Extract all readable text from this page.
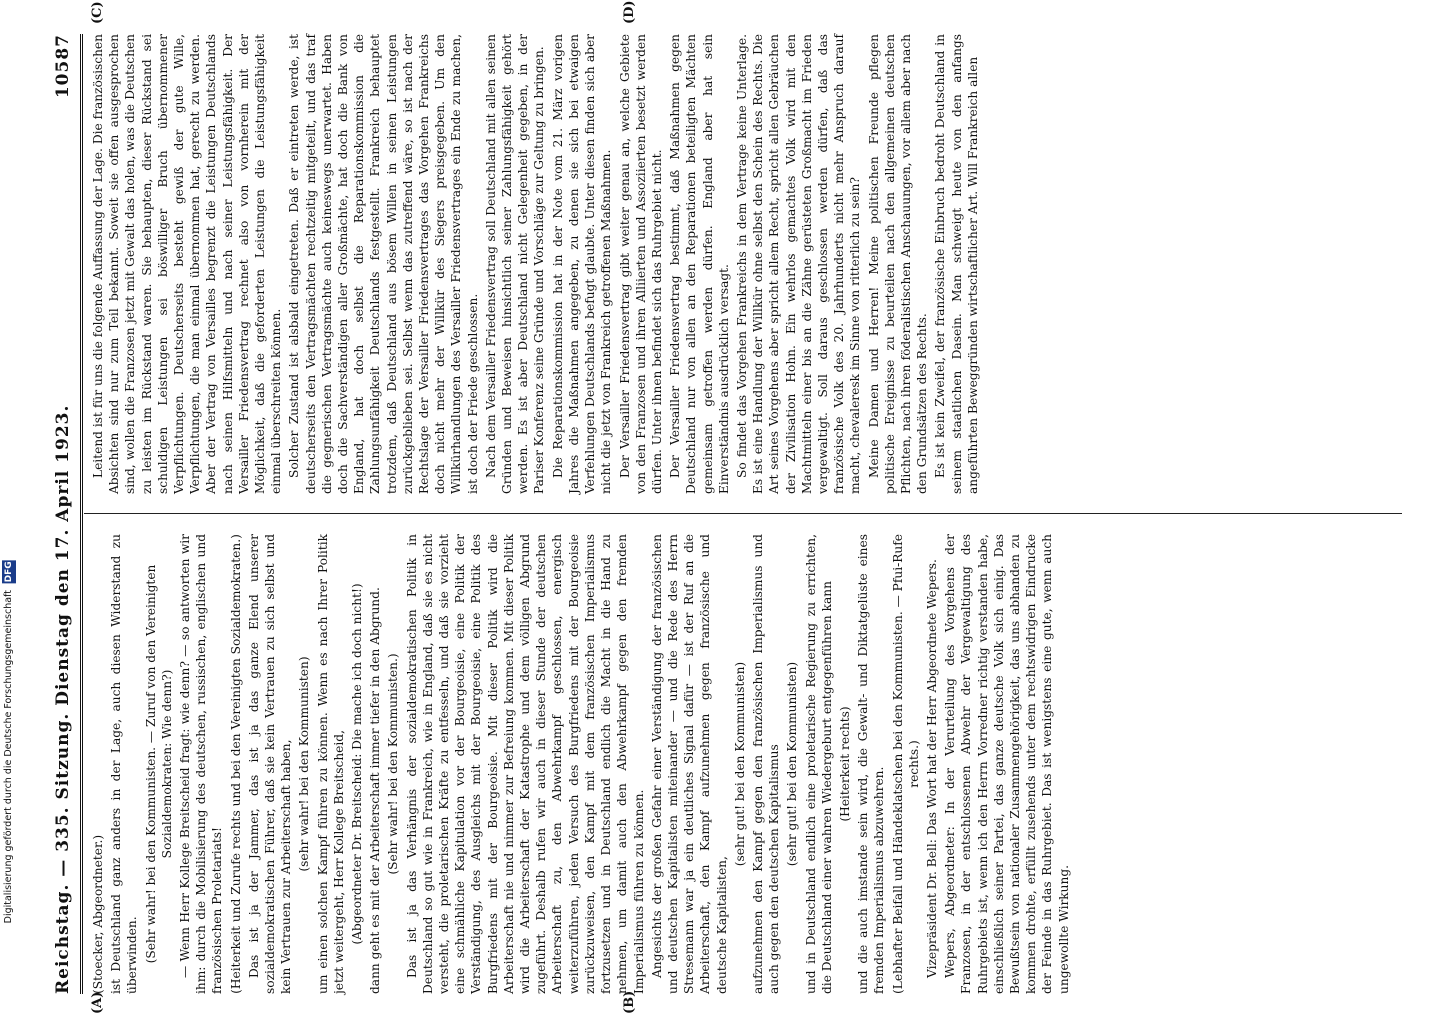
Reichstag. — 335. Sitzung. Dienstag den 17. April 1923.
10587
(A)	(B)
(C)	(D)

(Stoecker, Abgeordneter.) ist Deutschland ganz anders in der Lage, auch diesen Widerstand zu überwinden. (Sehr wahr! bei den Kommunisten. — Zuruf von den Vereinigten Sozialdemokraten: Wie denn?) — Wenn Herr Kollege Breitscheid fragt: wie denn? — so antworten wir ihm: durch die Mobilisierung des deutschen, russischen, englischen und französischen Proletariats! (Heiterkeit und Zurufe rechts und bei den Vereinigten Sozialdemokraten.) Das ist ja der Jammer, das ist ja das ganze Elend unserer sozialdemokratischen Führer, daß sie kein Vertrauen zu sich selbst und kein Vertrauen zur Arbeiterschaft haben, (sehr wahr! bei den Kommunisten) um einen solchen Kampf führen zu können. Wenn es nach Ihrer Politik jetzt weitergeht, Herr Kollege Breitscheid, (Abgeordneter Dr. Breitscheid: Die mache ich doch nicht!) dann geht es mit der Arbeiterschaft immer tiefer in den Abgrund. (Sehr wahr! bei den Kommunisten.) Das ist ja das Verhängnis der sozialdemokratischen Politik in Deutschland so gut wie in Frankreich, wie in England, daß sie es nicht versteht, die proletarischen Kräfte zu entfesseln, und daß sie vorzieht eine schmähliche Kapitulation vor der Bourgeoisie, eine Politik der Verständigung, des Ausgleichs mit der Bourgeoisie, eine Politik des Burgfriedens mit der Bourgeoisie. Mit dieser Politik wird die Arbeiterschaft nie und nimmer zur Befreiung kommen. Mit dieser Politik wird die Arbeiterschaft der Katastrophe und dem völligen Abgrund zugeführt. Deshalb rufen wir auch in dieser Stunde der deutschen Arbeiterschaft zu, den Abwehrkampf geschlossen, energisch weiterzuführen, jeden Versuch des Burgfriedens mit der Bourgeoisie zurückzuweisen, den Kampf mit dem französischen Imperialismus fortzusetzen und in Deutschland endlich die Macht in die Hand zu nehmen, um damit auch den Abwehrkampf gegen den fremden Imperialismus führen zu können. Angesichts der großen Gefahr einer Verständigung der französischen und deutschen Kapitalisten miteinander — und die Rede des Herrn Stresemann war ja ein deutliches Signal dafür — ist der Ruf an die Arbeiterschaft, den Kampf aufzunehmen gegen französische und deutsche Kapitalisten,

(sehr gut! bei den Kommunisten) aufzunehmen den Kampf gegen den französischen Imperialismus und auch gegen den deutschen Kapitalismus (sehr gut! bei den Kommunisten) und in Deutschland endlich eine proletarische Regierung zu errichten, die Deutschland einer wahren Wiedergeburt entgegenführen kann (Heiterkeit rechts) und die auch imstande sein wird, die Gewalt- und Diktatgelüste eines fremden Imperialismus abzuwehren. (Lebhafter Beifall und Händeklatschen bei den Kommunisten. — Pfui-Rufe rechts.) Vizepräsident Dr. Bell: Das Wort hat der Herr Abgeordnete Wepers. Wepers, Abgeordneter: In der Verurteilung des Vorgehens der Franzosen, in der entschlossenen Abwehr der Vergewaltigung des Ruhrgebiets ist, wenn ich den Herrn Vorredner richtig verstanden habe, einschließlich seiner Partei, das ganze deutsche Volk sich einig. Das Bewußtsein von nationaler Zusammengehörigkeit, das uns abhanden zu kommen drohte, erfüllt zusehends unter dem rechtswidrigen Eindrucke der Feinde in das Ruhrgebiet. Das ist wenigstens eine gute, wenn auch ungewollte Wirkung.

Leitend ist für uns die folgende Auffassung der Lage. Die französischen Absichten sind nur zum Teil bekannt. Soweit sie offen ausgesprochen sind, wollen die Franzosen jetzt mit Gewalt das holen, was die Deutschen zu leisten im Rückstand waren. Sie behaupten, dieser Rückstand sei schuldigen Leistungen sei böswilliger Bruch übernommener Verpflichtungen. Deutscherseits besteht gewiß der gute Wille, Verpflichtungen, die man einmal übernommen hat, gerecht zu werden. Aber der Vertrag von Versailles begrenzt die Leistungen Deutschlands nach seinen Hilfsmitteln und nach seiner Leistungsfähigkeit. Der Versailler Friedensvertrag rechnet also von vornherein mit der Möglichkeit, daß die geforderten Leistungen die Leistungsfähigkeit einmal überschreiten können. Solcher Zustand ist alsbald eingetreten. Daß er eintreten werde, ist deutscherseits den Vertragsmächten rechtzeitig mitgeteilt, und das traf die gegnerischen Vertragsmächte auch keineswegs unerwartet. Haben doch die Sachverständigen aller Großmächte, hat doch die Bank von England, hat doch selbst die Reparationskommission die Zahlungsunfähigkeit Deutschlands festgestellt. Frankreich behauptet trotzdem, daß Deutschland aus bösem Willen in seinen Leistungen zurückgeblieben sei. Selbst wenn das zutreffend wäre, so ist nach der Rechtslage der Versailler Friedensvertrages das Vorgehen Frankreichs doch nicht mehr der Willkür des Siegers preisgegeben. Um den Willkürhandlungen des Versailler Friedensvertrages ein Ende zu machen, ist doch der Friede geschlossen. Nach dem Versailler Friedensvertrag soll Deutschland mit allen seinen Gründen und Beweisen hinsichtlich seiner Zahlungsfähigkeit gehört werden. Es ist aber Deutschland nicht Gelegenheit gegeben, in der Pariser Konferenz seine Gründe und Vorschläge zur Geltung zu bringen. Die Reparationskommission hat in der Note vom 21. März vorigen Jahres die Maßnahmen angegeben, zu denen sie sich bei etwaigen Verfehlungen Deutschlands befugt glaubte. Unter diesen finden sich aber nicht die jetzt von Frankreich getroffenen Maßnahmen. Der Versailler Friedensvertrag gibt weiter genau an, welche Gebiete von den Franzosen und ihren Alliierten und Assoziierten besetzt werden dürfen. Unter ihnen befindet sich das Ruhrgebiet nicht. Der Versailler Friedensvertrag bestimmt, daß Maßnahmen gegen Deutschland nur von allen an den Reparationen beteiligten Mächten gemeinsam getroffen werden dürfen. England aber hat sein Einverständnis ausdrücklich versagt. So findet das Vorgehen Frankreichs in dem Vertrage keine Unterlage. Es ist eine Handlung der Willkür ohne selbst den Schein des Rechts. Die Art seines Vorgehens aber spricht allem Recht, spricht allen Gebräuchen der Zivilisation Hohn. Ein wehrlos gemachtes Volk wird mit den Machtmitteln einer bis an die Zähne gerüsteten Großmacht im Frieden vergewaltigt. Soll daraus geschlossen werden dürfen, daß das französische Volk des 20. Jahrhunderts nicht mehr Anspruch darauf macht, chevaleresk im Sinne von ritterlich zu sein? Meine Damen und Herren! Meine politischen Freunde pflegen politische Ereignisse zu beurteilen nach den allgemeinen deutschen Pflichten, nach ihren föderalistischen Anschauungen, vor allem aber nach den Grundsätzen des Rechts. Es ist kein Zweifel, der französische Einbruch bedroht Deutschland in seinem staatlichen Dasein. Man schweigt heute von den anfangs angeführten Beweggründen wirtschaftlicher Art. Will Frankreich allen

Digitalisierung gefördert durch die Deutsche Forschungsgemeinschaft DFG
